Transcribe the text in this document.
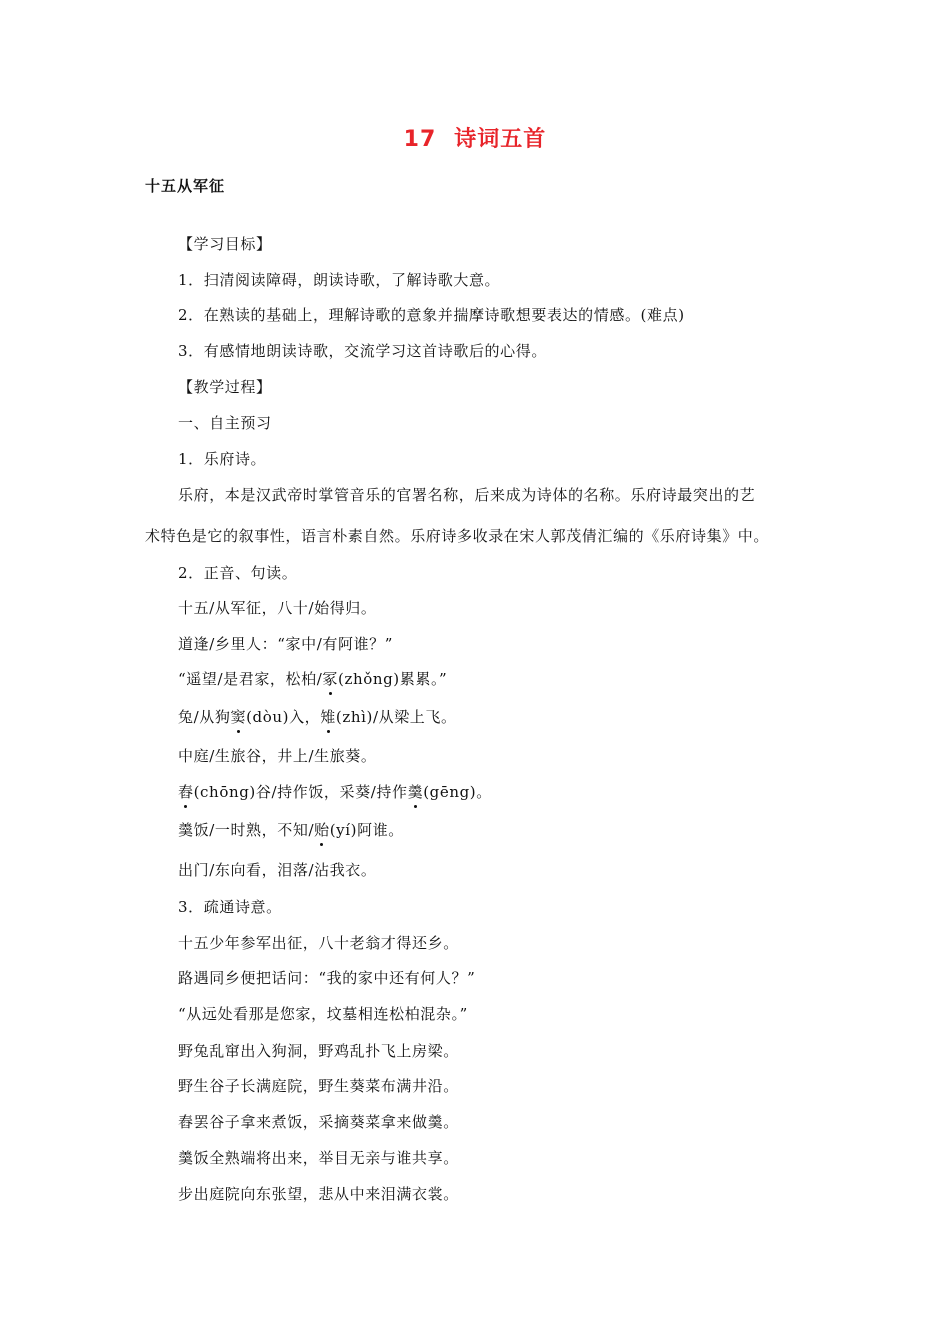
17 诗词五首
十五从军征
【学习目标】
1．扫清阅读障碍，朗读诗歌，了解诗歌大意。
2．在熟读的基础上，理解诗歌的意象并揣摩诗歌想要表达的情感。(难点)
3．有感情地朗读诗歌，交流学习这首诗歌后的心得。
【教学过程】
一、自主预习
1．乐府诗。
乐府，本是汉武帝时掌管音乐的官署名称，后来成为诗体的名称。乐府诗最突出的艺
术特色是它的叙事性，语言朴素自然。乐府诗多收录在宋人郭茂倩汇编的《乐府诗集》中。
2．正音、句读。
十五/从军征，八十/始得归。
道逢/乡里人：“家中/有阿谁？”
“遥望/是君家，松柏/冢(zhǒng)累累。”
兔/从狗窦(dòu)入，雉(zhì)/从梁上飞。
中庭/生旅谷，井上/生旅葵。
舂(chōng)谷/持作饭，采葵/持作羹(gēng)。
羹饭/一时熟，不知/贻(yí)阿谁。
出门/东向看，泪落/沾我衣。
3．疏通诗意。
十五少年参军出征，八十老翁才得还乡。
路遇同乡便把话问：“我的家中还有何人？”
“从远处看那是您家，坟墓相连松柏混杂。”
野兔乱窜出入狗洞，野鸡乱扑飞上房梁。
野生谷子长满庭院，野生葵菜布满井沿。
舂罢谷子拿来煮饭，采摘葵菜拿来做羹。
羹饭全熟端将出来，举目无亲与谁共享。
步出庭院向东张望，悲从中来泪满衣裳。
